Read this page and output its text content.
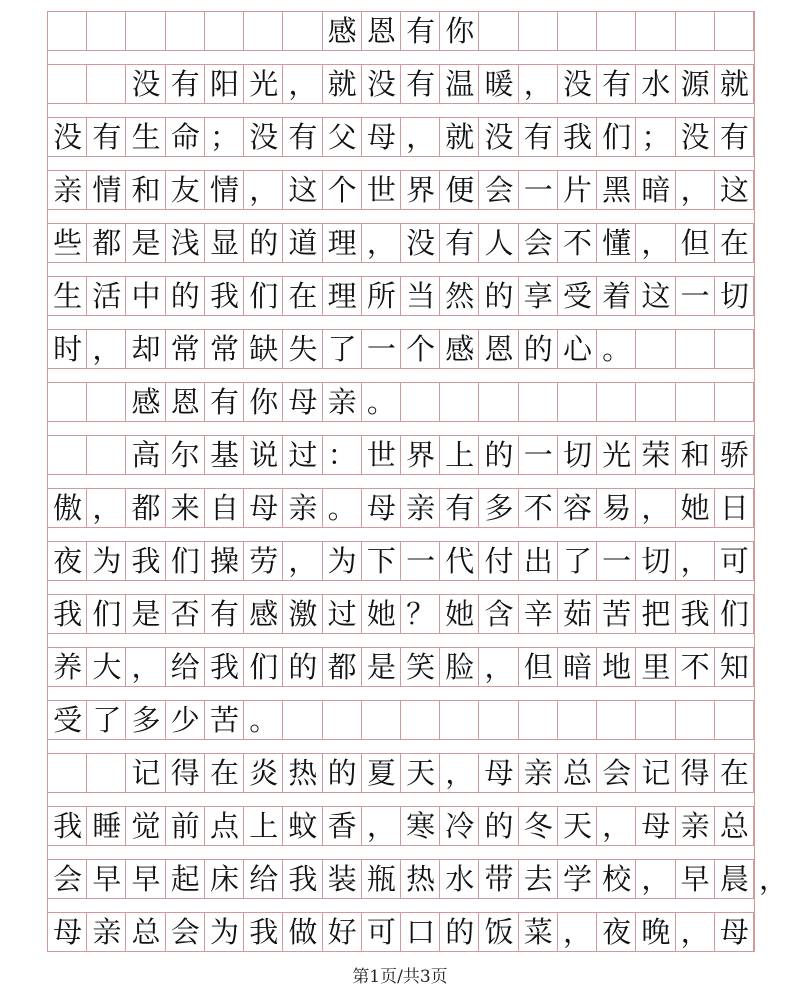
感恩有你
没有阳光，就没有温暖，没有水源就
没有生命；没有父母，就没有我们；没有
亲情和友情，这个世界便会一片黑暗，这
些都是浅显的道理，没有人会不懂，但在
生活中的我们在理所当然的享受着这一切
时，却常常缺失了一个感恩的心。
感恩有你母亲。
高尔基说过：世界上的一切光荣和骄
傲，都来自母亲。母亲有多不容易，她日
夜为我们操劳，为下一代付出了一切，可
我们是否有感激过她？她含辛茹苦把我们
养大，给我们的都是笑脸，但暗地里不知
受了多少苦。
记得在炎热的夏天，母亲总会记得在
我睡觉前点上蚊香，寒冷的冬天，母亲总
会早早起床给我装瓶热水带去学校，早晨，
母亲总会为我做好可口的饭菜，夜晚，母
第1页/共3页
